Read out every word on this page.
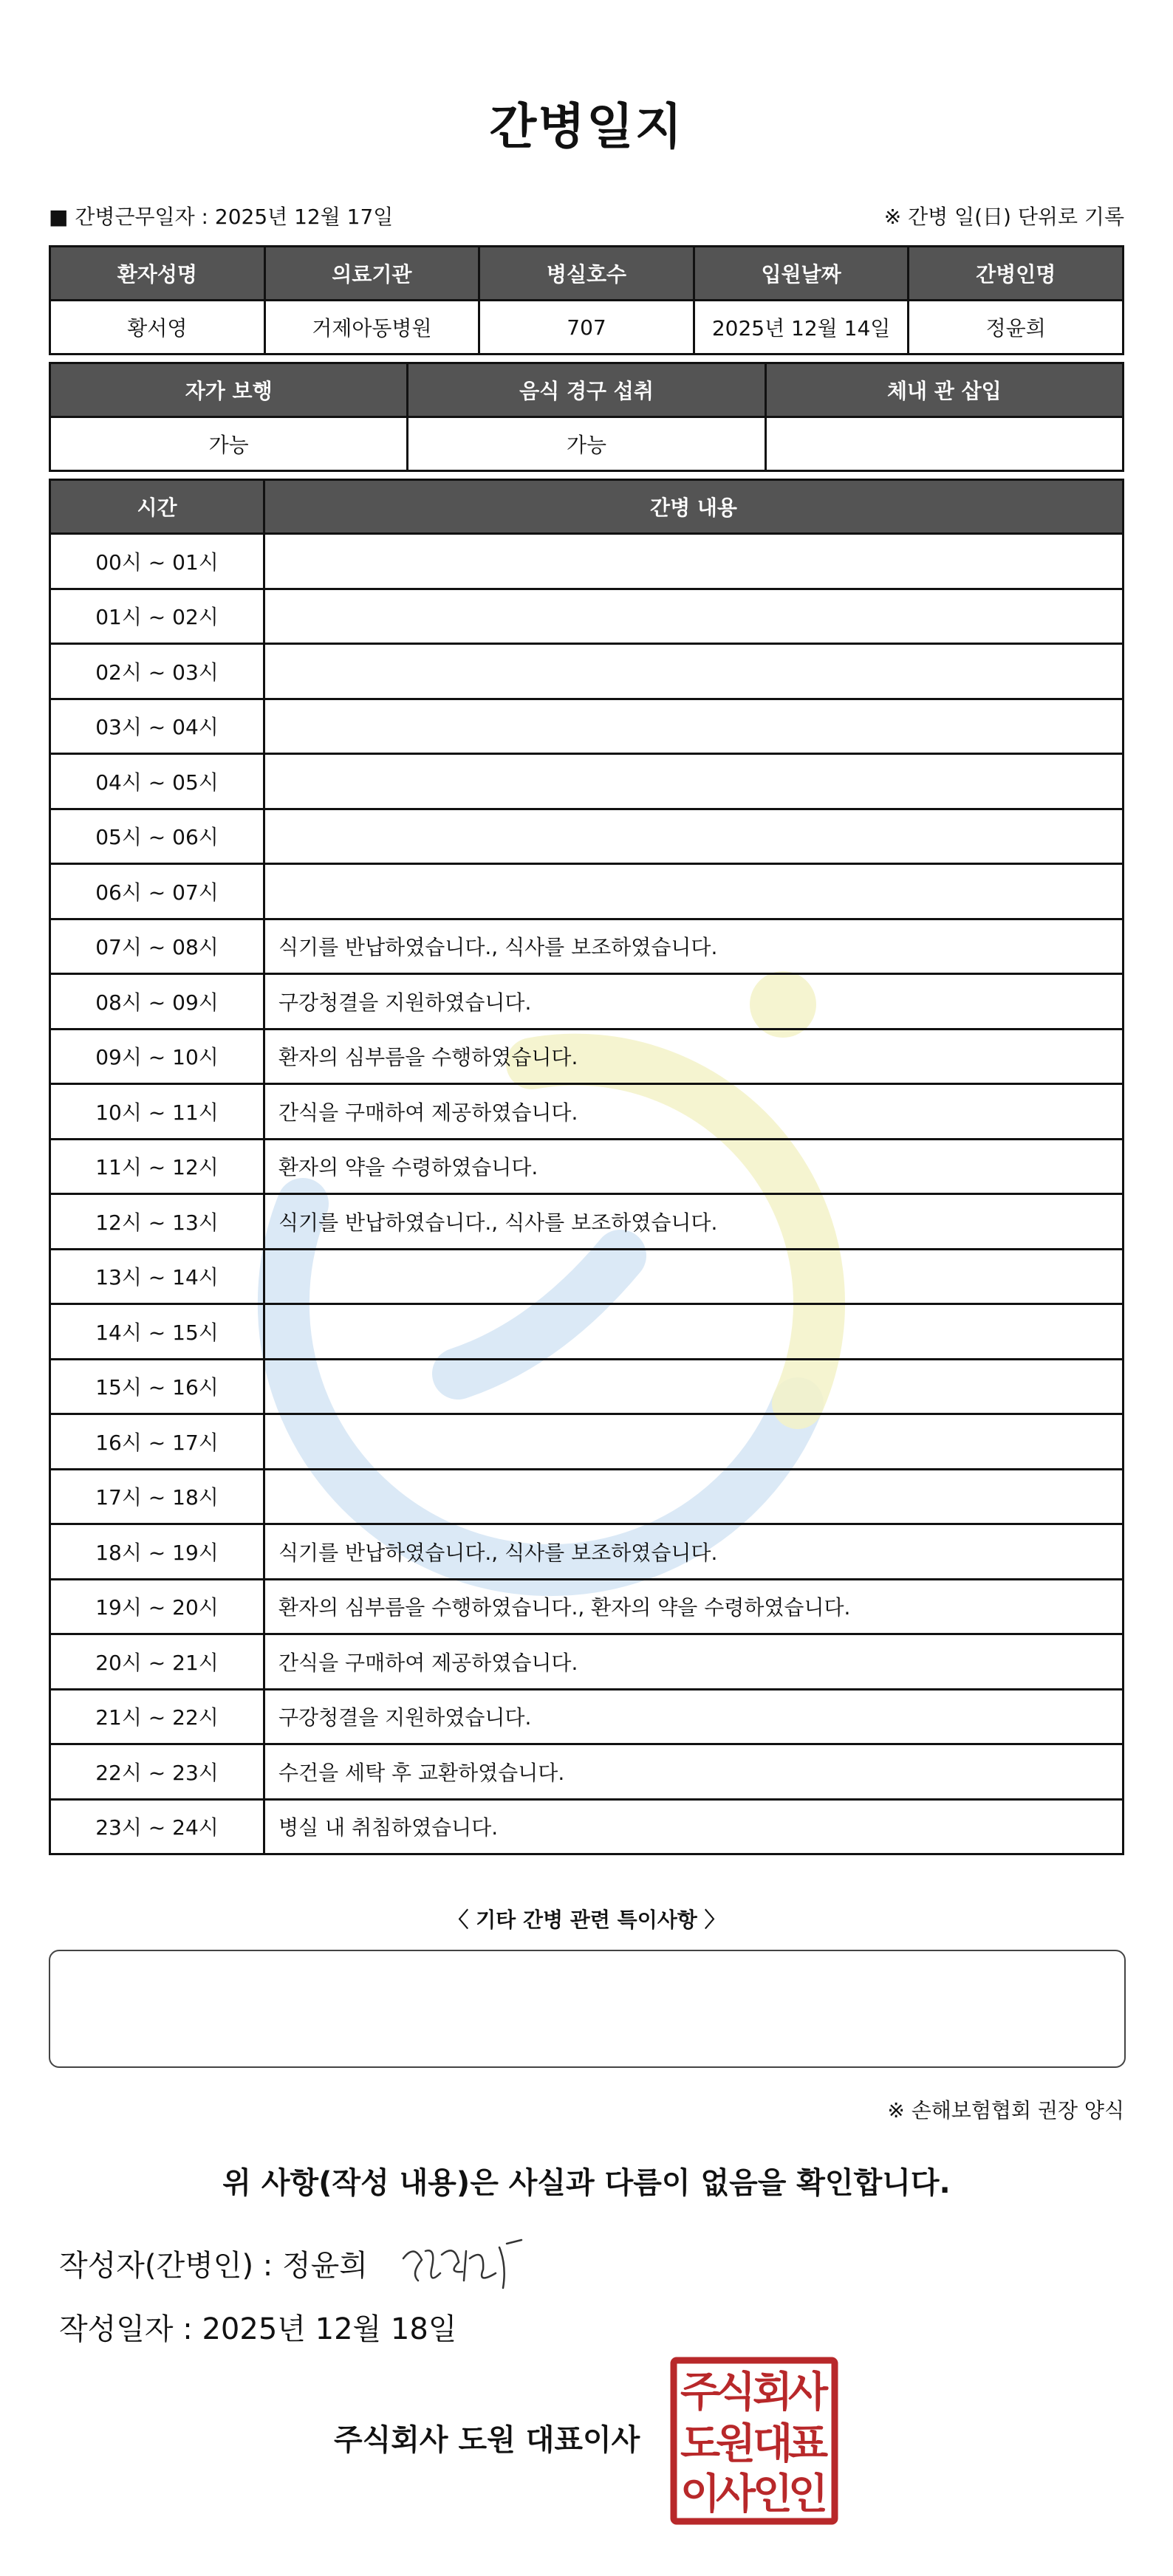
간병일지
■ 간병근무일자 : 2025년 12월 17일	※ 간병 일(日) 단위로 기록
환자성명	의료기관	병실호수	입원날짜	간병인명
황서영	거제아동병원	707	2025년 12월 14일	정윤희
자가 보행	음식 경구 섭취	체내 관 삽입
가능	가능	
시간	간병 내용
00시 ~ 01시	
01시 ~ 02시	
02시 ~ 03시	
03시 ~ 04시	
04시 ~ 05시	
05시 ~ 06시	
06시 ~ 07시	
07시 ~ 08시	식기를 반납하였습니다., 식사를 보조하였습니다.
08시 ~ 09시	구강청결을 지원하였습니다.
09시 ~ 10시	환자의 심부름을 수행하였습니다.
10시 ~ 11시	간식을 구매하여 제공하였습니다.
11시 ~ 12시	환자의 약을 수령하였습니다.
12시 ~ 13시	식기를 반납하였습니다., 식사를 보조하였습니다.
13시 ~ 14시	
14시 ~ 15시	
15시 ~ 16시	
16시 ~ 17시	
17시 ~ 18시	
18시 ~ 19시	식기를 반납하였습니다., 식사를 보조하였습니다.
19시 ~ 20시	환자의 심부름을 수행하였습니다., 환자의 약을 수령하였습니다.
20시 ~ 21시	간식을 구매하여 제공하였습니다.
21시 ~ 22시	구강청결을 지원하였습니다.
22시 ~ 23시	수건을 세탁 후 교환하였습니다.
23시 ~ 24시	병실 내 취침하였습니다.
〈 기타 간병 관련 특이사항 〉
※ 손해보험협회 권장 양식
위 사항(작성 내용)은 사실과 다름이 없음을 확인합니다.
작성자(간병인) : 정윤희
작성일자 : 2025년 12월 18일
주식회사 도원 대표이사
주
식
회
사
도
원
대
표
이
사
인
인
